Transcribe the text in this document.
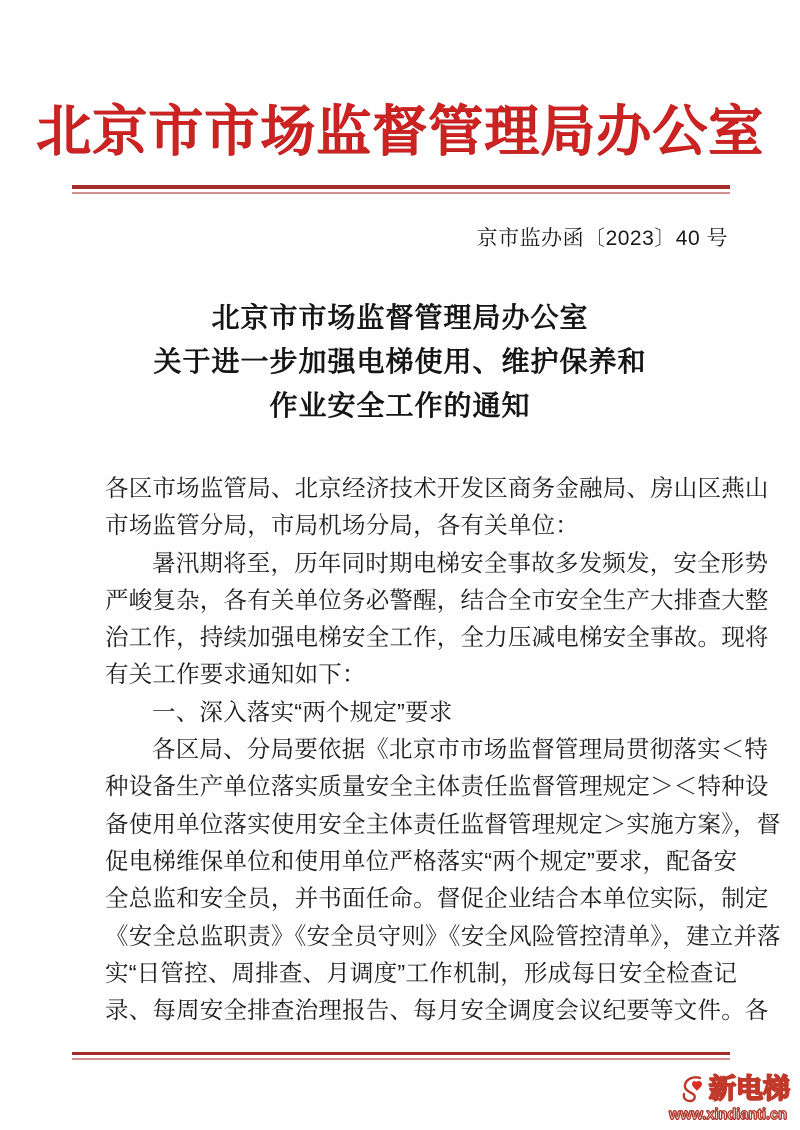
北京市市场监督管理局办公室
京市监办函〔2023〕40 号
北京市市场监督管理局办公室
关于进一步加强电梯使用、维护保养和
作业安全工作的通知
各区市场监管局、北京经济技术开发区商务金融局、房山区燕山
市场监管分局，市局机场分局，各有关单位：
暑汛期将至，历年同时期电梯安全事故多发频发，安全形势
严峻复杂，各有关单位务必警醒，结合全市安全生产大排查大整
治工作，持续加强电梯安全工作，全力压减电梯安全事故。现将
有关工作要求通知如下：
一、深入落实“两个规定”要求
各区局、分局要依据《北京市市场监督管理局贯彻落实＜特
种设备生产单位落实质量安全主体责任监督管理规定＞＜特种设
备使用单位落实使用安全主体责任监督管理规定＞实施方案》，督
促电梯维保单位和使用单位严格落实“两个规定”要求，配备安
全总监和安全员，并书面任命。督促企业结合本单位实际，制定
《安全总监职责》《安全员守则》《安全风险管控清单》，建立并落
实“日管控、周排查、月调度”工作机制，形成每日安全检查记
录、每周安全排查治理报告、每月安全调度会议纪要等文件。各
新电梯
www.xindianti.cn
